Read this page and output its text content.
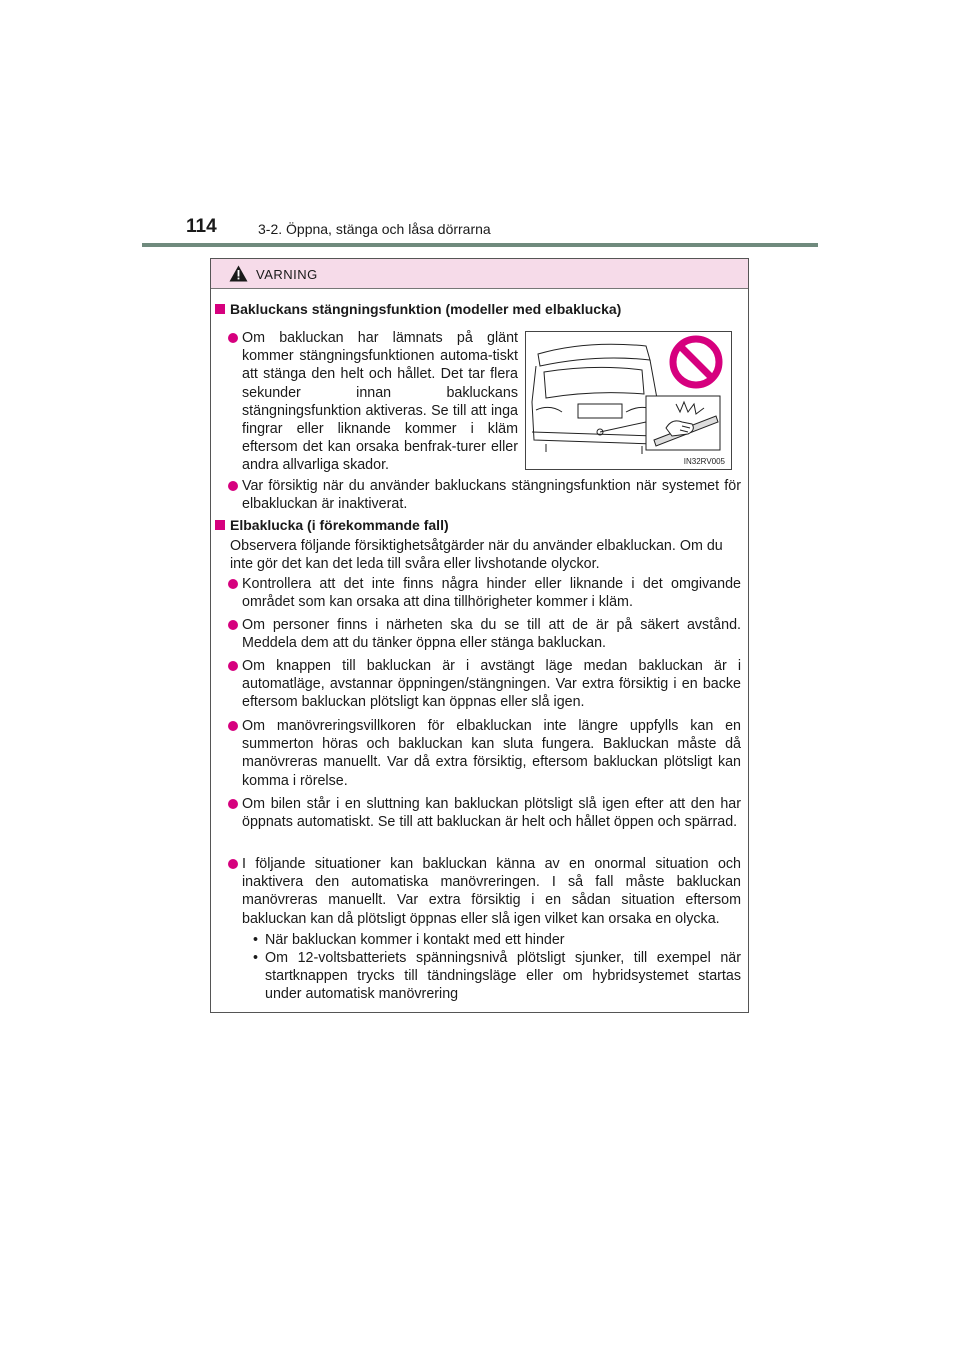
114	3-2. Öppna, stänga och låsa dörrarna
VARNING
Bakluckans stängningsfunktion (modeller med elbaklucka)
Om bakluckan har lämnats på glänt kommer stängningsfunktionen automa-tiskt att stänga den helt och hållet. Det tar flera sekunder innan bakluckans stängningsfunktion aktiveras. Se till att inga fingrar eller liknande kommer i kläm eftersom det kan orsaka benfrak-turer eller andra allvarliga skador.	IN32RV005
Var försiktig när du använder bakluckans stängningsfunktion när systemet för elbakluckan är inaktiverat.
Elbaklucka (i förekommande fall)
Observera följande försiktighetsåtgärder när du använder elbakluckan. Om du inte gör det kan det leda till svåra eller livshotande olyckor.
Kontrollera att det inte finns några hinder eller liknande i det omgivande området som kan orsaka att dina tillhörigheter kommer i kläm.
Om personer finns i närheten ska du se till att de är på säkert avstånd. Meddela dem att du tänker öppna eller stänga bakluckan.
Om knappen till bakluckan är i avstängt läge medan bakluckan är i automatläge, avstannar öppningen/stängningen. Var extra försiktig i en backe eftersom bakluckan plötsligt kan öppnas eller slå igen.
Om manövreringsvillkoren för elbakluckan inte längre uppfylls kan en summerton höras och bakluckan kan sluta fungera. Bakluckan måste då manövreras manuellt. Var då extra försiktig, eftersom bakluckan plötsligt kan komma i rörelse.
Om bilen står i en sluttning kan bakluckan plötsligt slå igen efter att den har öppnats automatiskt. Se till att bakluckan är helt och hållet öppen och spärrad.
I följande situationer kan bakluckan känna av en onormal situation och inaktivera den automatiska manövreringen. I så fall måste bakluckan manövreras manuellt. Var extra försiktig i en sådan situation eftersom bakluckan kan då plötsligt öppnas eller slå igen vilket kan orsaka en olycka.
• När bakluckan kommer i kontakt med ett hinder
• Om 12-voltsbatteriets spänningsnivå plötsligt sjunker, till exempel när startknappen trycks till tändningsläge eller om hybridsystemet startas under automatisk manövrering
